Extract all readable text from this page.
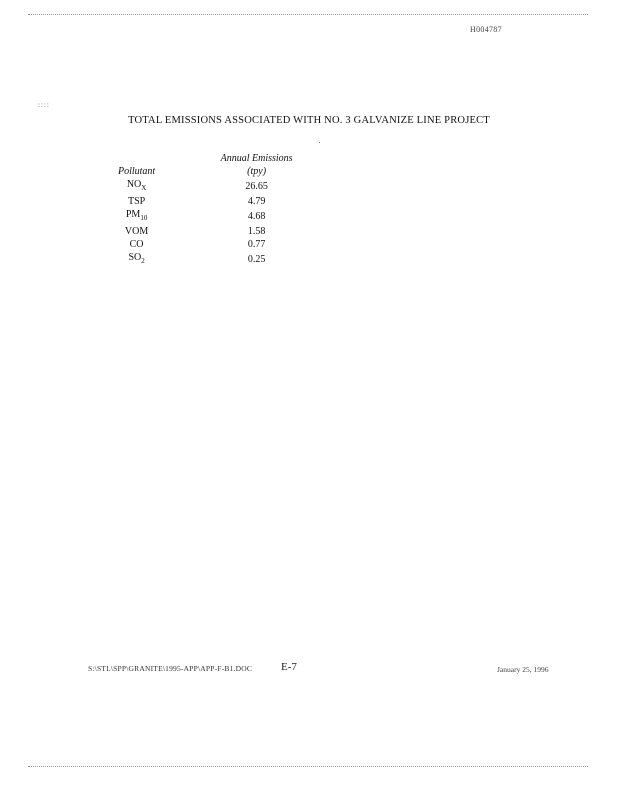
H004787
::::
TOTAL EMISSIONS ASSOCIATED WITH NO. 3 GALVANIZE LINE PROJECT
	Annual Emissions
Pollutant	(tpy)
$NO_X$	26.65
TSP	4.79
$PM_{10}$	4.68
VOM	1.58
CO	0.77
$SO_2$	0.25
S:\STL\SPP\GRANITE\1995-APP\APP-F-B1.DOC	E-7	January 25, 1996
